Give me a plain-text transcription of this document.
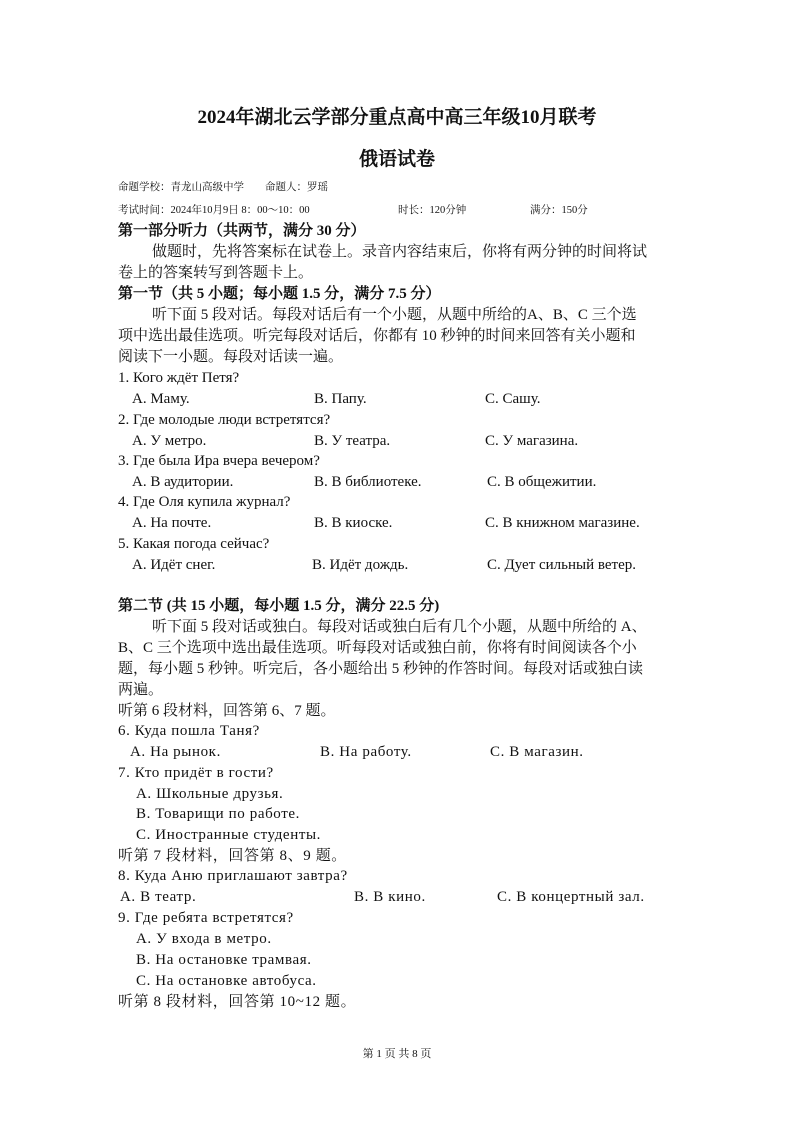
2024年湖北云学部分重点高中高三年级10月联考
俄语试卷
命题学校：青龙山高级中学 命题人：罗瑶
考试时间：2024年10月9日 8：00～10：00	时长：120分钟	满分：150分
第一部分听力（共两节，满分 30 分）
做题时，先将答案标在试卷上。录音内容结束后，你将有两分钟的时间将试
卷上的答案转写到答题卡上。
第一节（共 5 小题；每小题 1.5 分，满分 7.5 分）
听下面 5 段对话。每段对话后有一个小题，从题中所给的A、B、C 三个选
项中选出最佳选项。听完每段对话后，你都有 10 秒钟的时间来回答有关小题和
阅读下一小题。每段对话读一遍。
第二节 (共 15 小题，每小题 1.5 分，满分 22.5 分)
听下面 5 段对话或独白。每段对话或独白后有几个小题，从题中所给的 A、
B、C 三个选项中选出最佳选项。听每段对话或独白前，你将有时间阅读各个小
题，每小题 5 秒钟。听完后，各小题给出 5 秒钟的作答时间。每段对话或独白读
两遍。
听第 6 段材料，回答第 6、7 题。
听第 7 段材料，回答第 8、9 题。
听第 8 段材料，回答第 10~12 题。
第 1 页 共 8 页
1. Кого ждёт Петя?
A. Маму.	B. Папу.	C. Сашу.
2. Где молодые люди встретятся?
A. У метро.	B. У театра.	C. У магазина.
3. Где была Ира вчера вечером?
A. В аудитории.	B. В библиотеке.	C. В общежитии.
4. Где Оля купила журнал?
A. На почте.	B. В киоске.	C. В книжном магазине.
5. Какая погода сейчас?
A. Идёт снег.	B. Идёт дождь.	C. Дует сильный ветер.
6. Куда пошла Таня?
A. На рынок.	B. На работу.	C. В магазин.
7. Кто придёт в гости?
A. Школьные друзья.
B. Товарищи по работе.
C. Иностранные студенты.
8. Куда Аню приглашают завтра?
A. В театр.	B. В кино.	C. В концертный зал.
9. Где ребята встретятся?
A. У входа в метро.
B. На остановке трамвая.
C. На остановке автобуса.
